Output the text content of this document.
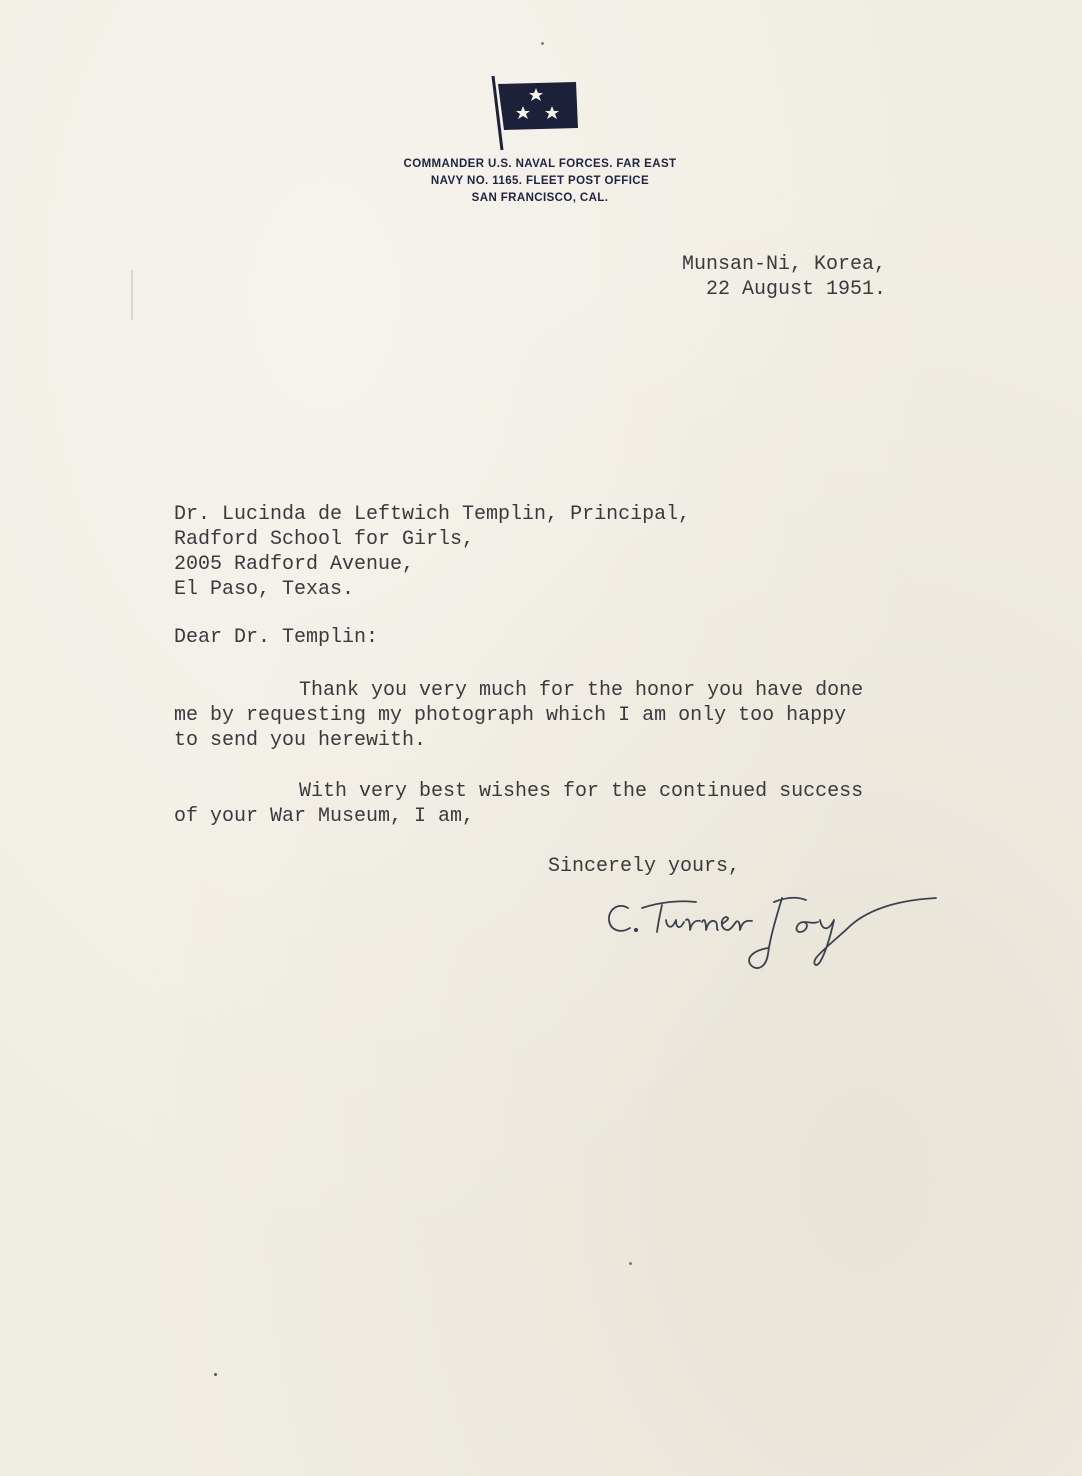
COMMANDER U.S. NAVAL FORCES. FAR EAST
NAVY NO. 1165. FLEET POST OFFICE
SAN FRANCISCO, CAL.
Munsan-Ni, Korea,
22 August 1951.
Dr. Lucinda de Leftwich Templin, Principal,
Radford School for Girls,
2005 Radford Avenue,
El Paso, Texas.
Dear Dr. Templin:
Thank you very much for the honor you have done
me by requesting my photograph which I am only too happy
to send you herewith.
With very best wishes for the continued success
of your War Museum, I am,
Sincerely yours,
